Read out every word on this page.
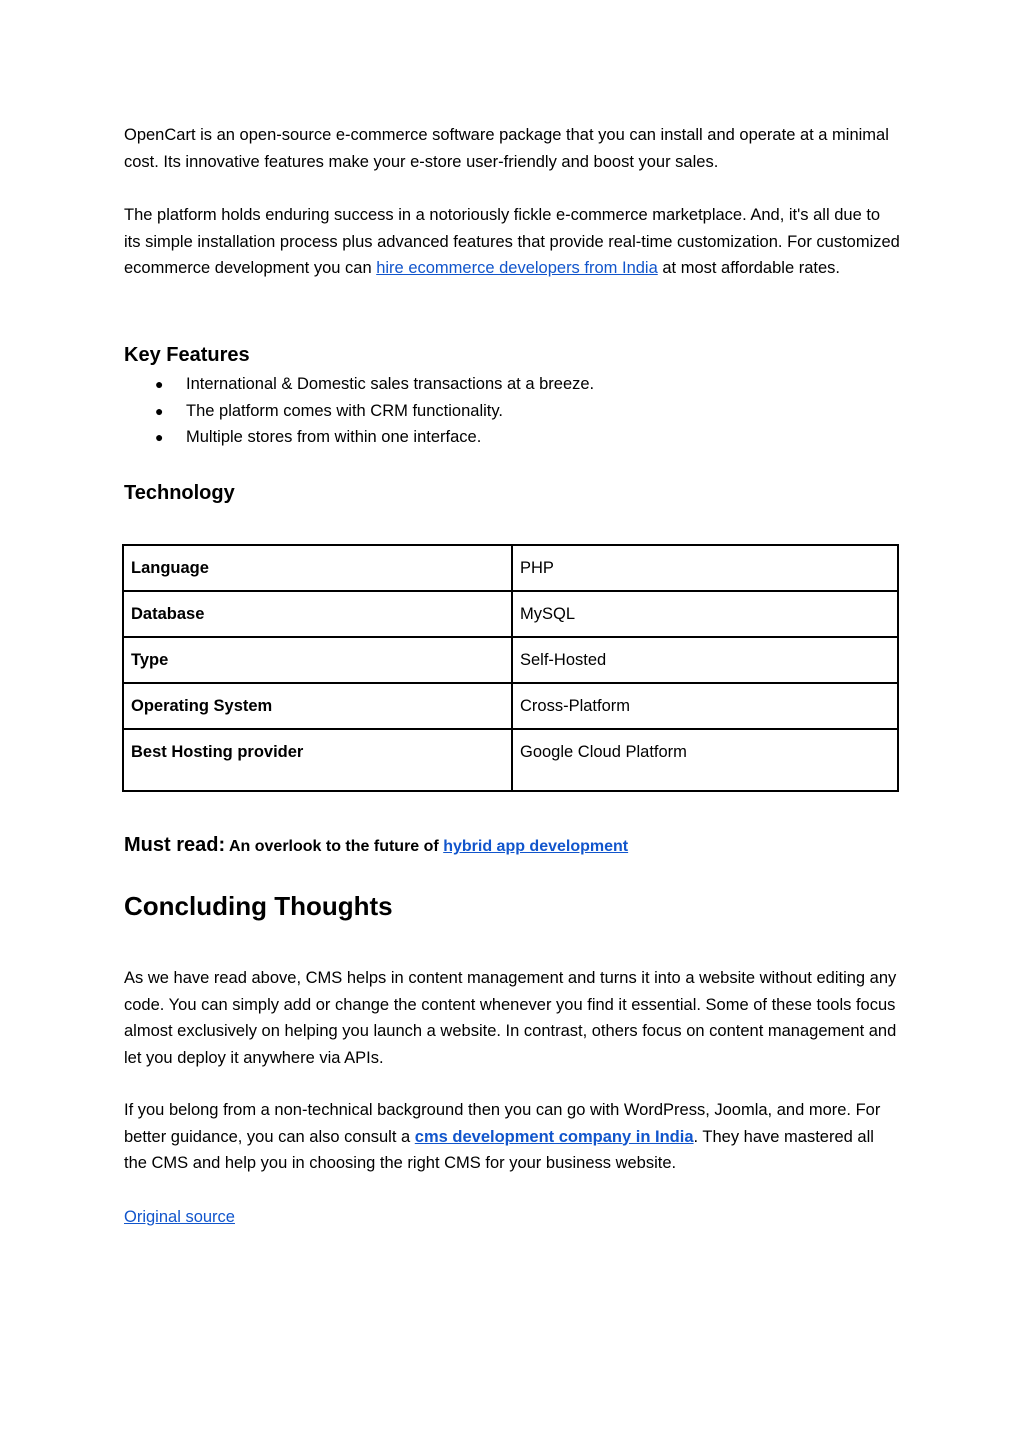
OpenCart is an open-source e-commerce software package that you can install and operate at a minimal cost. Its innovative features make your e-store user-friendly and boost your sales.

The platform holds enduring success in a notoriously fickle e-commerce marketplace. And, it's all due to its simple installation process plus advanced features that provide real-time customization. For customized ecommerce development you can hire ecommerce developers from India at most affordable rates.

Key Features
● International & Domestic sales transactions at a breeze.
● The platform comes with CRM functionality.
● Multiple stores from within one interface.
Technology
Language	PHP
Database	MySQL
Type	Self-Hosted
Operating System	Cross-Platform
Best Hosting provider	Google Cloud Platform

Must read: An overlook to the future of hybrid app development

Concluding Thoughts

As we have read above, CMS helps in content management and turns it into a website without editing any code. You can simply add or change the content whenever you find it essential. Some of these tools focus almost exclusively on helping you launch a website. In contrast, others focus on content management and let you deploy it anywhere via APIs.

If you belong from a non-technical background then you can go with WordPress, Joomla, and more. For better guidance, you can also consult a cms development company in India. They have mastered all the CMS and help you in choosing the right CMS for your business website.

Original source
